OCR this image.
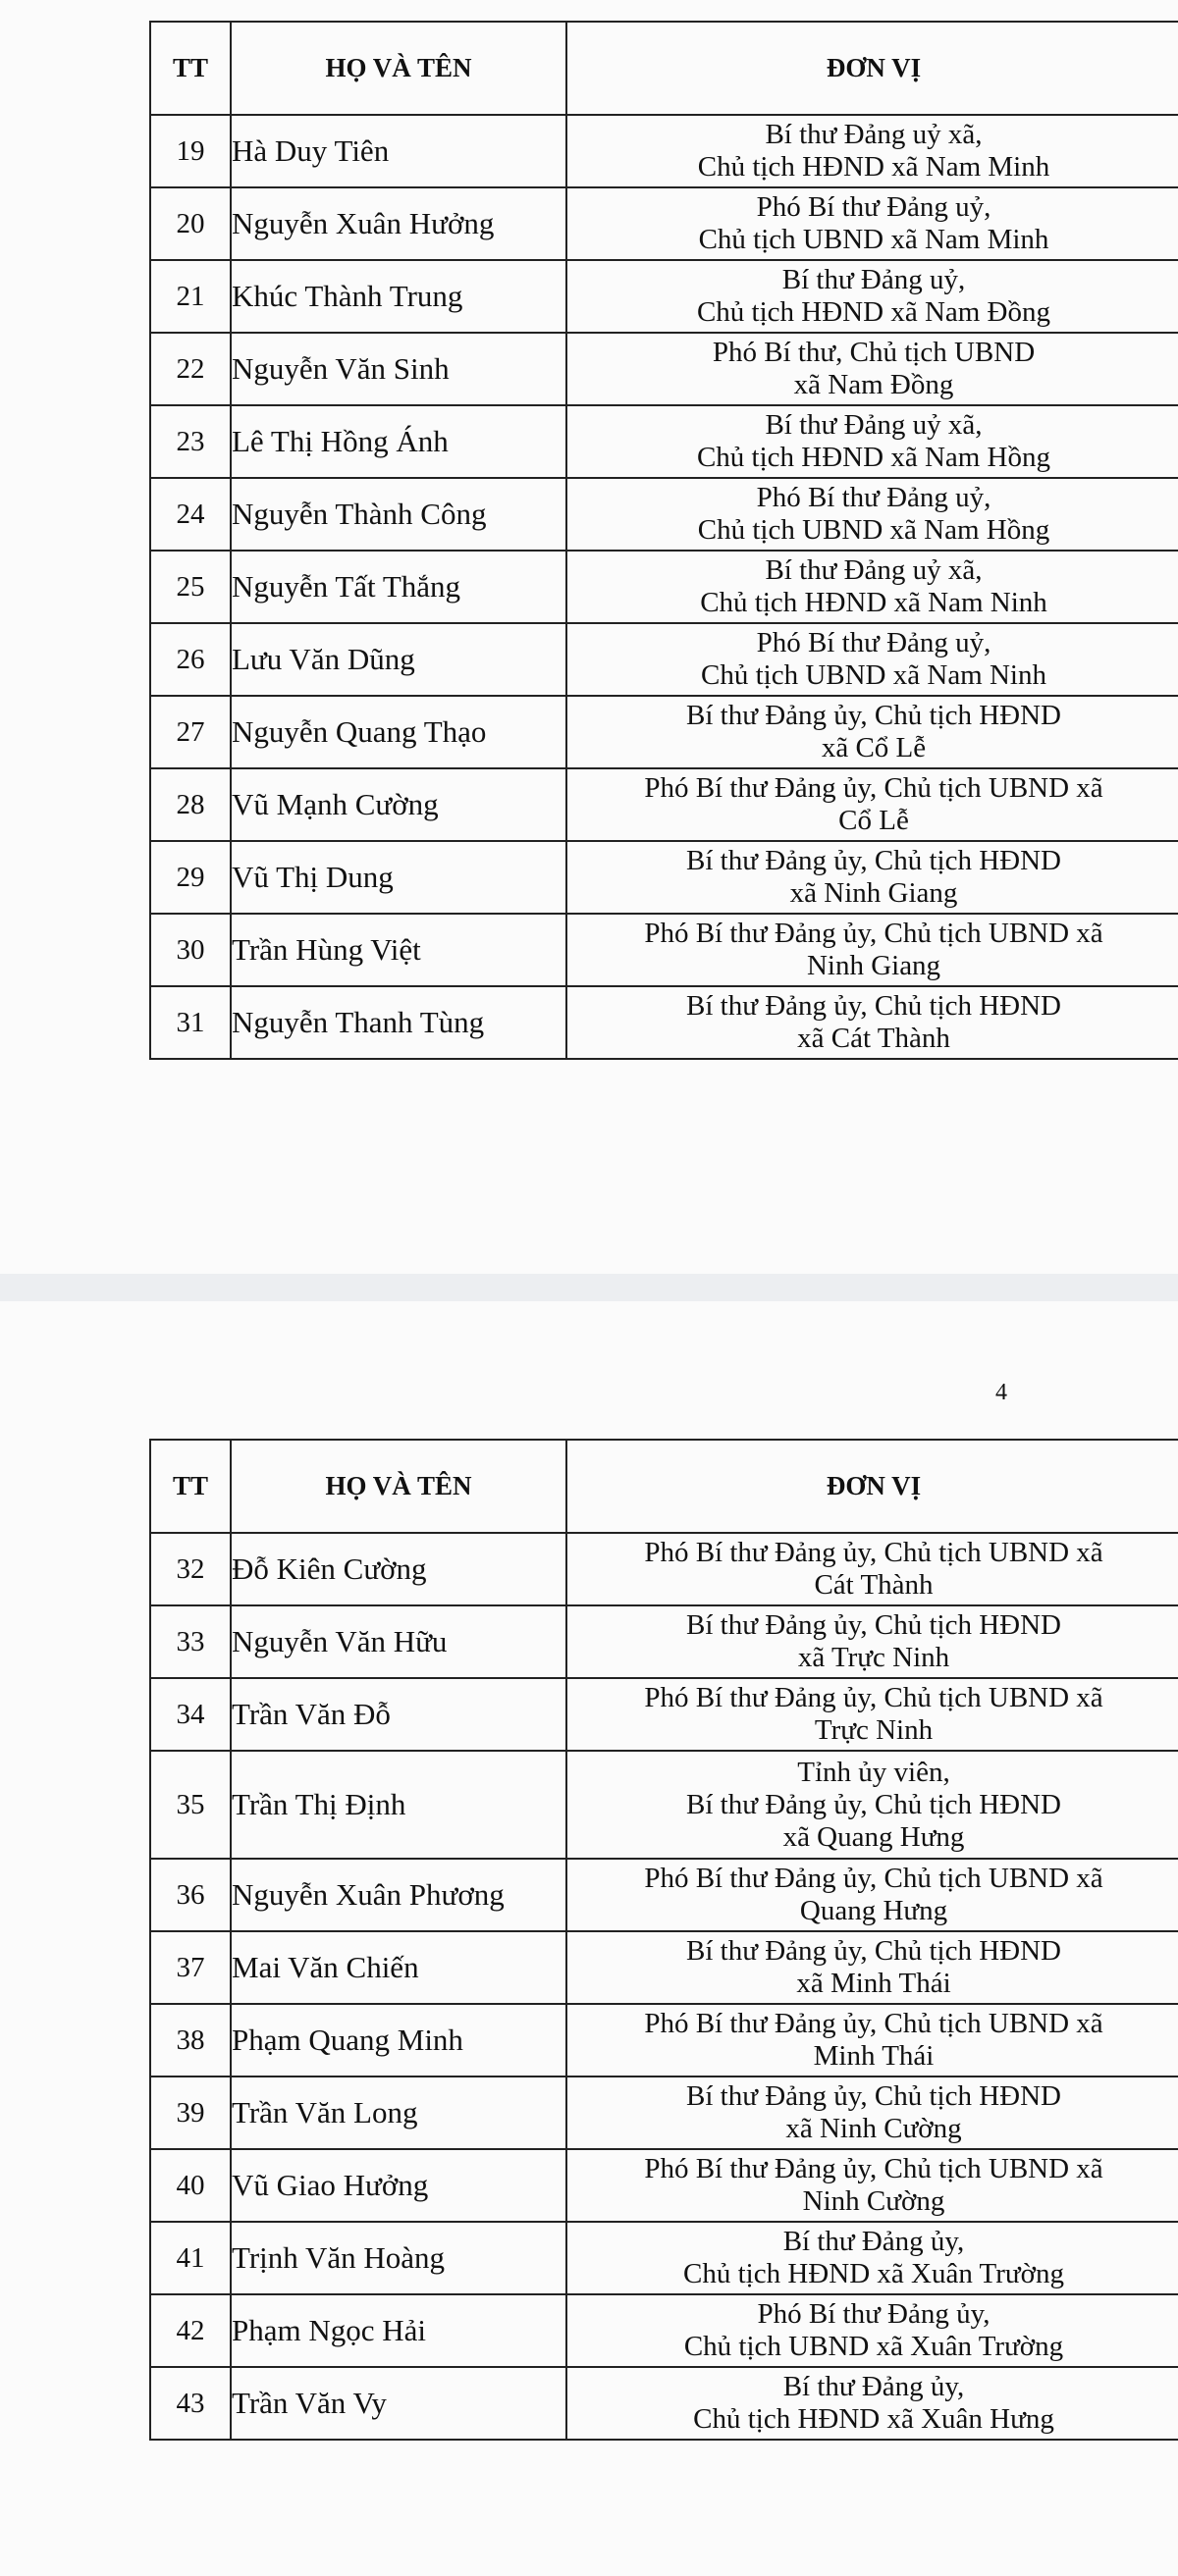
TT	HỌ VÀ TÊN	ĐƠN VỊ	
19	Hà Duy Tiên	Bí thư Đảng uỷ xã,
Chủ tịch HĐND xã Nam Minh	

20	Nguyễn Xuân Hưởng	Phó Bí thư Đảng uỷ,
Chủ tịch UBND xã Nam Minh	

21	Khúc Thành Trung	Bí thư Đảng uỷ,
Chủ tịch HĐND xã Nam Đồng	

22	Nguyễn Văn Sinh	Phó Bí thư, Chủ tịch UBND
xã Nam Đồng	

23	Lê Thị Hồng Ánh	Bí thư Đảng uỷ xã,
Chủ tịch HĐND xã Nam Hồng	

24	Nguyễn Thành Công	Phó Bí thư Đảng uỷ,
Chủ tịch UBND xã Nam Hồng	

25	Nguyễn Tất Thắng	Bí thư Đảng uỷ xã,
Chủ tịch HĐND xã Nam Ninh	

26	Lưu Văn Dũng	Phó Bí thư Đảng uỷ,
Chủ tịch UBND xã Nam Ninh	

27	Nguyễn Quang Thạo	Bí thư Đảng ủy, Chủ tịch HĐND
xã Cổ Lễ	

28	Vũ Mạnh Cường	Phó Bí thư Đảng ủy, Chủ tịch UBND xã
Cổ Lễ	

29	Vũ Thị Dung	Bí thư Đảng ủy, Chủ tịch HĐND
xã Ninh Giang	

30	Trần Hùng Việt	Phó Bí thư Đảng ủy, Chủ tịch UBND xã
Ninh Giang	

31	Nguyễn Thanh Tùng	Bí thư Đảng ủy, Chủ tịch HĐND
xã Cát Thành	

4
TT	HỌ VÀ TÊN	ĐƠN VỊ	
32	Đỗ Kiên Cường	Phó Bí thư Đảng ủy, Chủ tịch UBND xã
Cát Thành	

33	Nguyễn Văn Hữu	Bí thư Đảng ủy, Chủ tịch HĐND
xã Trực Ninh	

34	Trần Văn Đỗ	Phó Bí thư Đảng ủy, Chủ tịch UBND xã
Trực Ninh	

35	Trần Thị Định	Tỉnh ủy viên,
Bí thư Đảng ủy, Chủ tịch HĐND
xã Quang Hưng	

36	Nguyễn Xuân Phương	Phó Bí thư Đảng ủy, Chủ tịch UBND xã
Quang Hưng	

37	Mai Văn Chiến	Bí thư Đảng ủy, Chủ tịch HĐND
xã Minh Thái	

38	Phạm Quang Minh	Phó Bí thư Đảng ủy, Chủ tịch UBND xã
Minh Thái	

39	Trần Văn Long	Bí thư Đảng ủy, Chủ tịch HĐND
xã Ninh Cường	

40	Vũ Giao Hưởng	Phó Bí thư Đảng ủy, Chủ tịch UBND xã
Ninh Cường	

41	Trịnh Văn Hoàng	Bí thư Đảng ủy,
Chủ tịch HĐND xã Xuân Trường	

42	Phạm Ngọc Hải	Phó Bí thư Đảng ủy,
Chủ tịch UBND xã Xuân Trường	

43	Trần Văn Vy	Bí thư Đảng ủy,
Chủ tịch HĐND xã Xuân Hưng	
